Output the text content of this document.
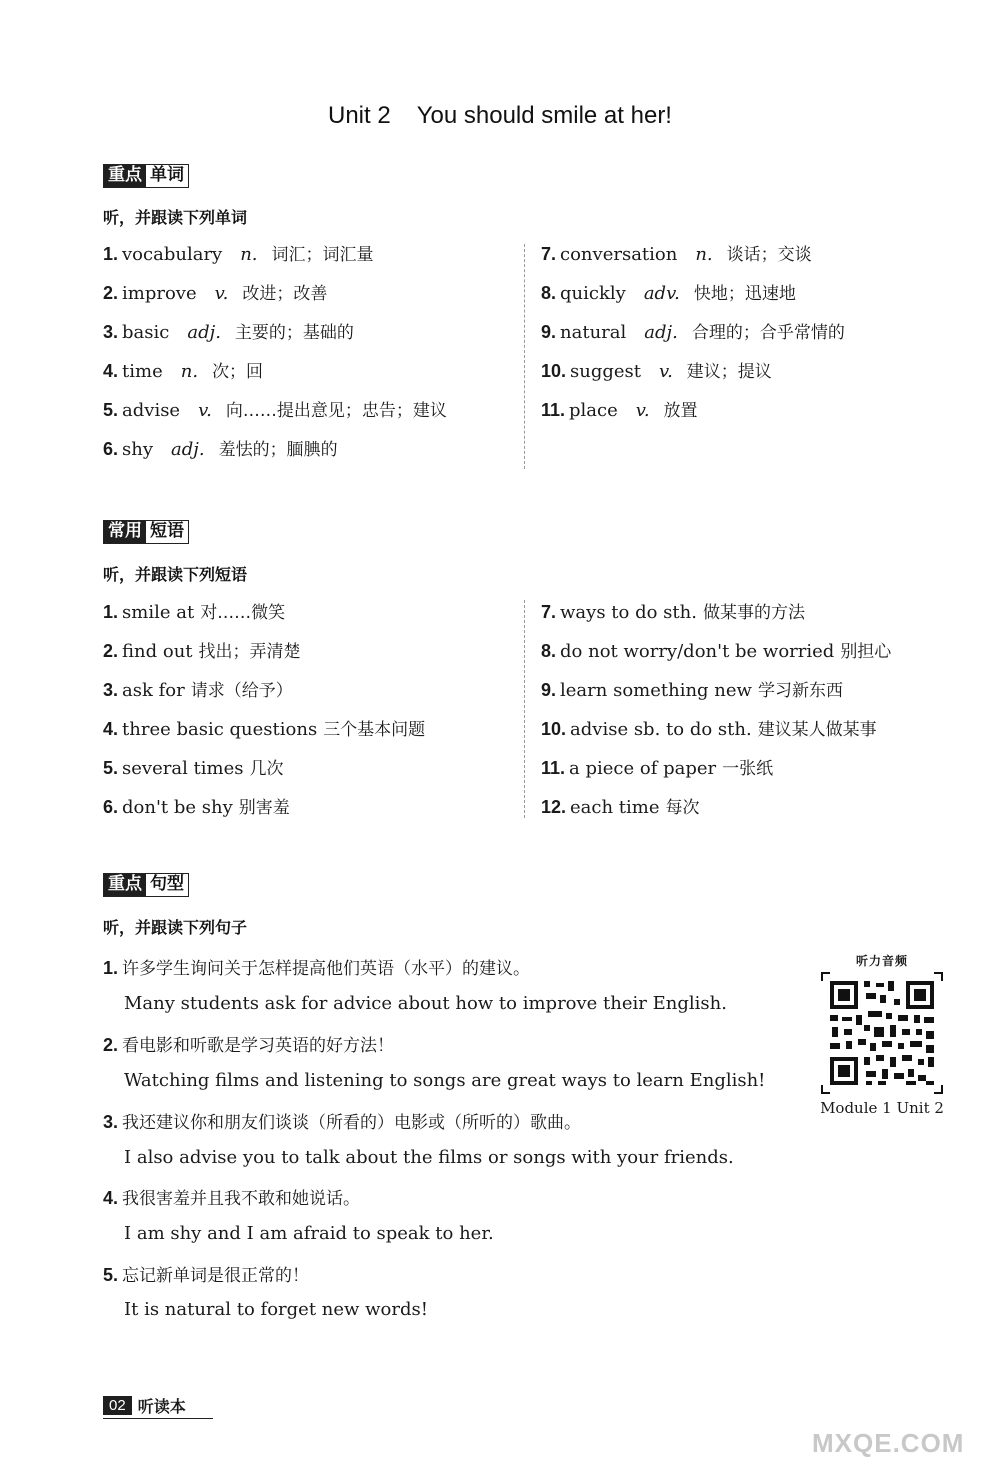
Unit 2 You should smile at her!
重点 单词
听，并跟读下列单词
1. vocabulary n. 词汇；词汇量
2. improve v. 改进；改善
3. basic adj. 主要的；基础的
4. time n. 次；回
5. advise v. 向……提出意见；忠告；建议
6. shy adj. 羞怯的；腼腆的
7. conversation n. 谈话；交谈
8. quickly adv. 快地；迅速地
9. natural adj. 合理的；合乎常情的
10. suggest v. 建议；提议
11. place v. 放置
常用 短语
听，并跟读下列短语
1. smile at 对……微笑
2. find out 找出；弄清楚
3. ask for 请求（给予）
4. three basic questions 三个基本问题
5. several times 几次
6. don't be shy 别害羞
7. ways to do sth. 做某事的方法
8. do not worry/don't be worried 别担心
9. learn something new 学习新东西
10. advise sb. to do sth. 建议某人做某事
11. a piece of paper 一张纸
12. each time 每次
重点 句型
听，并跟读下列句子
1. 许多学生询问关于怎样提高他们英语（水平）的建议。
Many students ask for advice about how to improve their English.
2. 看电影和听歌是学习英语的好方法！
Watching films and listening to songs are great ways to learn English!
3. 我还建议你和朋友们谈谈（所看的）电影或（所听的）歌曲。
I also advise you to talk about the films or songs with your friends.
4. 我很害羞并且我不敢和她说话。
I am shy and I am afraid to speak to her.
5. 忘记新单词是很正常的！
It is natural to forget new words!
听力音频
Module 1 Unit 2
02 听读本
MXQE.COM
